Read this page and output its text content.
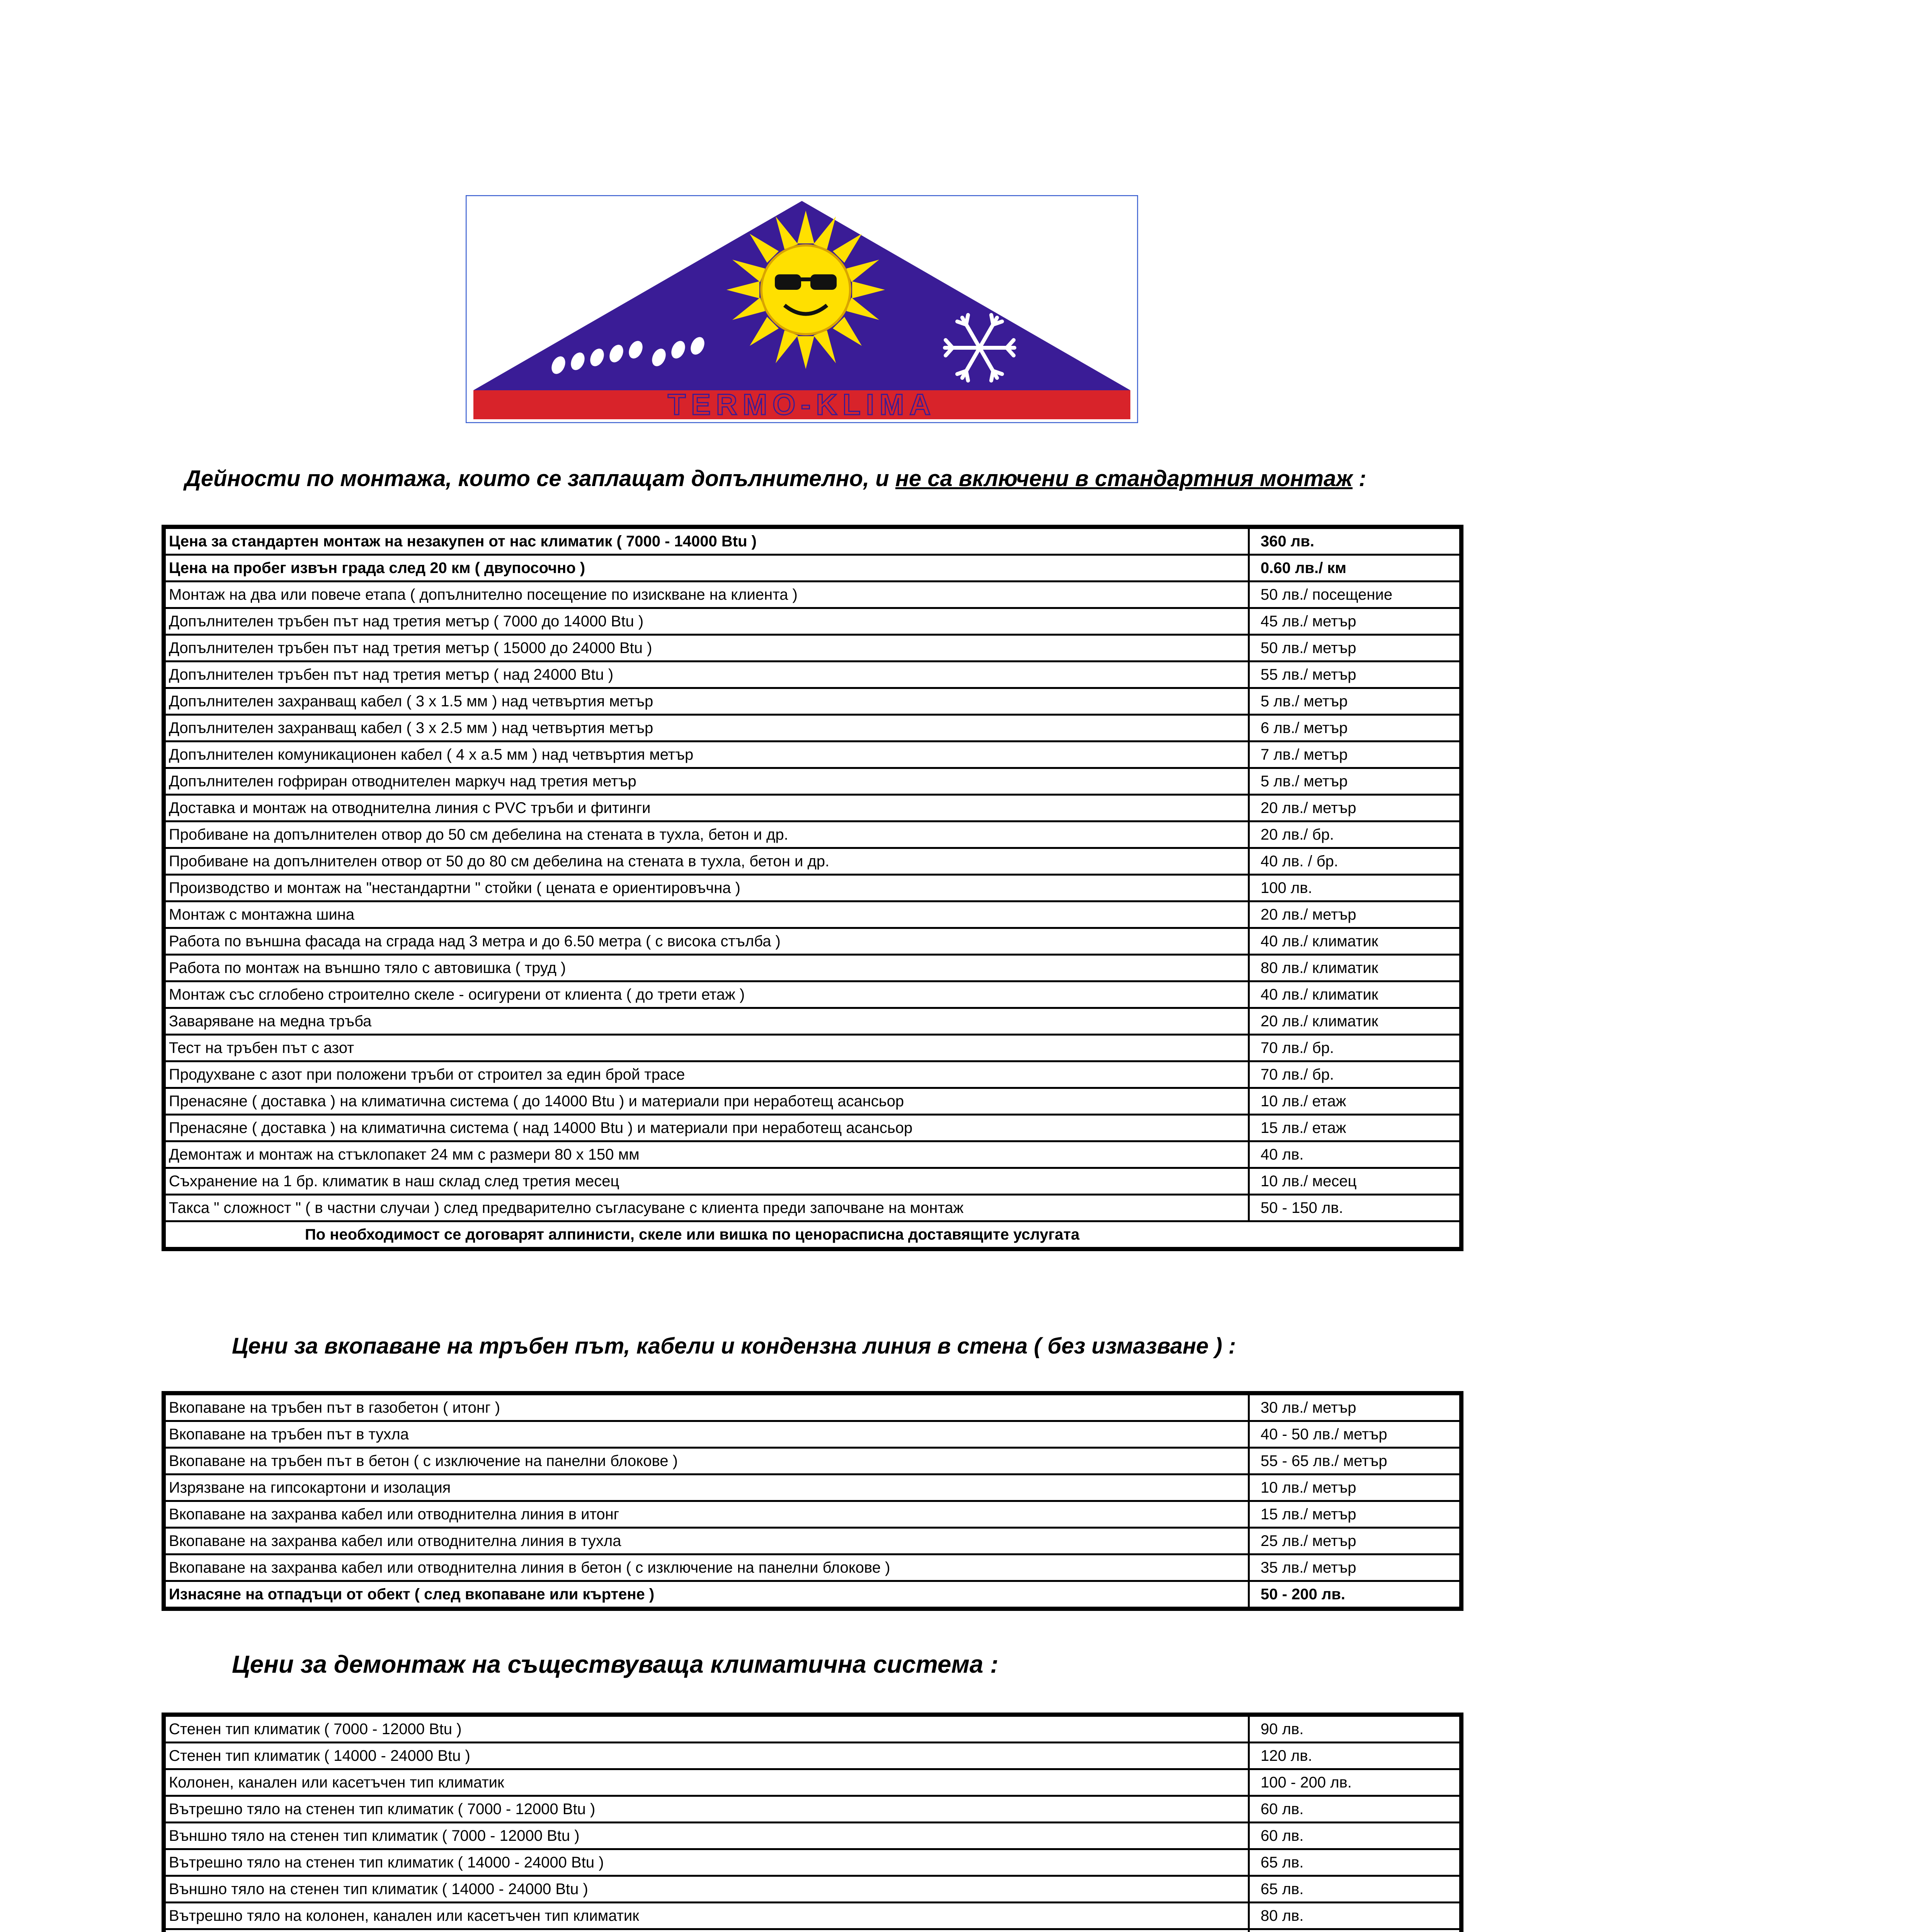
TERMO-KLIMA

Дейности по монтажа, които се заплащат допълнително, и не са включени в стандартния монтаж :

Цена за стандартен монтаж на незакупен от нас климатик ( 7000 - 14000 Btu )	360 лв.
Цена на пробег извън града след 20 км ( двупосочно )	0.60 лв./ км
Монтаж на два или повече етапа ( допълнително посещение по изискване на клиента )	50 лв./ посещение
Допълнителен тръбен път над третия метър ( 7000 до 14000 Btu )	45 лв./ метър
Допълнителен тръбен път над третия метър ( 15000 до 24000 Btu )	50 лв./ метър
Допълнителен тръбен път над третия метър ( над 24000 Btu )	55 лв./ метър
Допълнителен захранващ кабел ( 3 х 1.5 мм ) над четвъртия метър	5 лв./ метър
Допълнителен захранващ кабел ( 3 х 2.5 мм ) над четвъртия метър	6 лв./ метър
Допълнителен комуникационен кабел ( 4 х а.5 мм ) над четвъртия метър	7 лв./ метър
Допълнителен гофриран отводнителен маркуч над третия метър	5 лв./ метър
Доставка и монтаж на отводнителна линия с PVC тръби и фитинги	20 лв./ метър
Пробиване на допълнителен отвор до 50 см дебелина на стената в тухла, бетон и др.	20 лв./ бр.
Пробиване на допълнителен отвор от 50 до 80 см дебелина на стената в тухла, бетон и др.	40 лв. / бр.
Производство и монтаж на "нестандартни " стойки ( цената е ориентировъчна )	100 лв.
Монтаж с монтажна шина	20 лв./ метър
Работа по външна фасада на сграда над 3 метра и до 6.50 метра ( с висока стълба )	40 лв./ климатик
Работа по монтаж на външно тяло с автовишка ( труд )	80 лв./ климатик
Монтаж със сглобено строително скеле - осигурени от клиента ( до трети етаж )	40 лв./ климатик
Заваряване на медна тръба	20 лв./ климатик
Тест на тръбен път с азот	70 лв./ бр.
Продухване с азот при положени тръби от строител за един брой трасе	70 лв./ бр.
Пренасяне ( доставка ) на климатична система ( до 14000 Btu ) и материали при неработещ асансьор	10 лв./ етаж
Пренасяне ( доставка ) на климатична система ( над 14000 Btu ) и материали при неработещ асансьор	15 лв./ етаж
Демонтаж и монтаж на стъклопакет 24 мм с размери 80 х 150 мм	40 лв.
Съхранение на 1 бр. климатик в наш склад след третия месец	10 лв./ месец
Такса " сложност " ( в частни случаи ) след предварително съгласуване с клиента преди започване на монтаж	50 - 150 лв.
По необходимост се договарят алпинисти, скеле или вишка по ценорасписна доставящите услугата	

Цени за вкопаване на тръбен път, кабели и кондензна линия в стена ( без измазване ) :

Вкопаване на тръбен път в газобетон ( итонг )	30 лв./ метър
Вкопаване на тръбен път в тухла	40 - 50 лв./ метър
Вкопаване на тръбен път в бетон ( с изключение на панелни блокове )	55 - 65 лв./ метър
Изрязване на гипсокартони и изолация	10 лв./ метър
Вкопаване на захранва кабел или отводнителна линия в итонг	15 лв./ метър
Вкопаване на захранва кабел или отводнителна линия в тухла	25 лв./ метър
Вкопаване на захранва кабел или отводнителна линия в бетон ( с изключение на панелни блокове )	35 лв./ метър
Изнасяне на отпадъци от обект ( след вкопаване или къртене )	50 - 200 лв.

Цени за демонтаж на съществуваща климатична система :

Стенен тип климатик ( 7000 - 12000 Btu )	90 лв.
Стенен тип климатик ( 14000 - 24000 Btu )	120 лв.
Колонен, канален или касетъчен тип климатик	100 - 200 лв.
Вътрешно тяло на стенен тип климатик ( 7000 - 12000 Btu )	60 лв.
Външно тяло на стенен тип климатик ( 7000 - 12000 Btu )	60 лв.
Вътрешно тяло на стенен тип климатик ( 14000 - 24000 Btu )	65 лв.
Външно тяло на стенен тип климатик ( 14000 - 24000 Btu )	65 лв.
Вътрешно тяло на колонен, канален или касетъчен тип климатик	80 лв.
